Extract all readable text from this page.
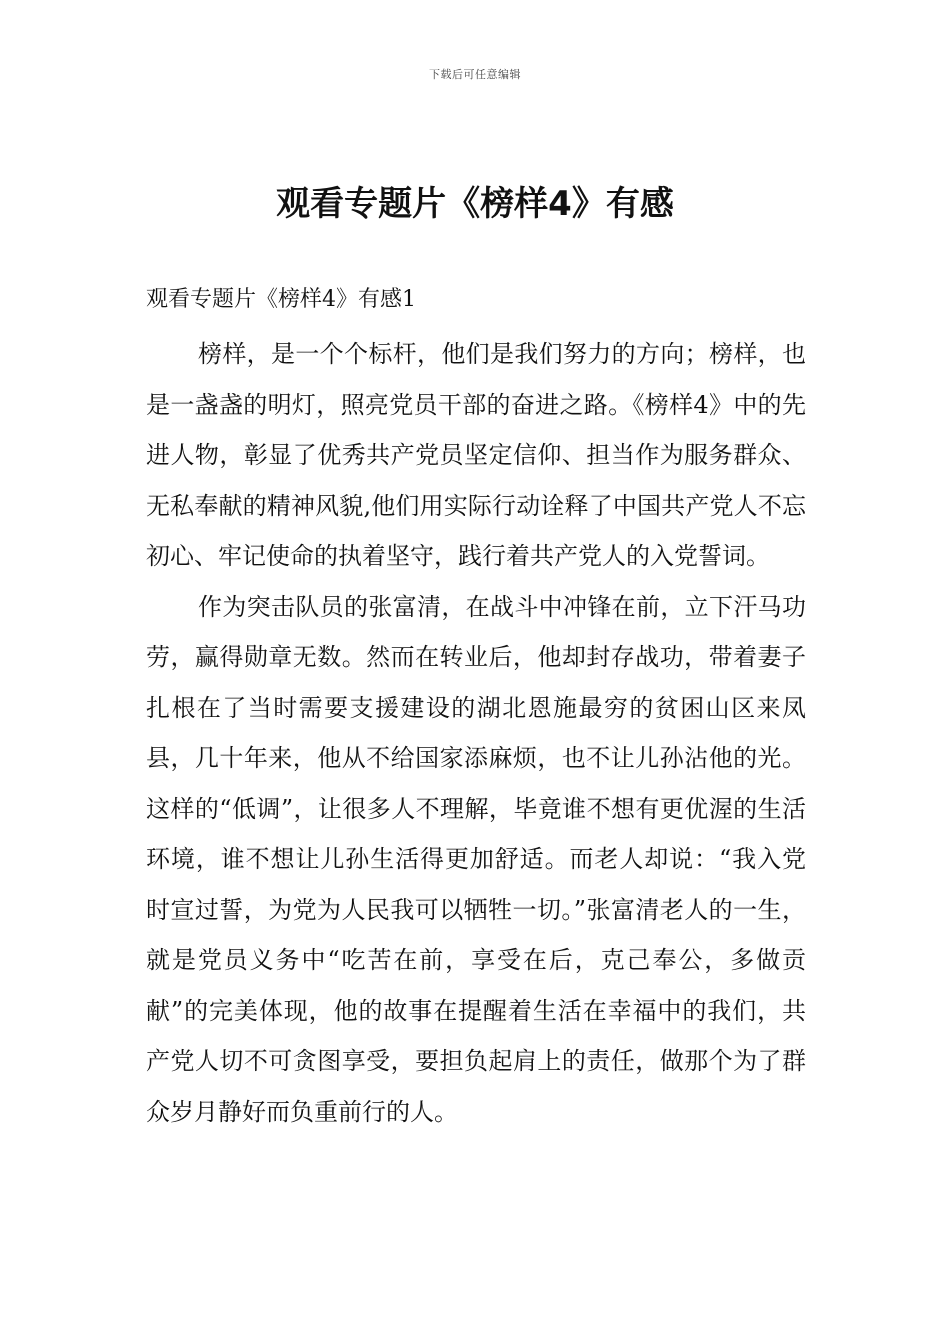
下载后可任意编辑
观看专题片《榜样4》有感
观看专题片《榜样4》有感1

榜样，是一个个标杆，他们是我们努力的方向；榜样，也是一盏盏的明灯，照亮党员干部的奋进之路。《榜样4》中的先进人物，彰显了优秀共产党员坚定信仰、担当作为服务群众、无私奉献的精神风貌,他们用实际行动诠释了中国共产党人不忘初心、牢记使命的执着坚守，践行着共产党人的入党誓词。

作为突击队员的张富清，在战斗中冲锋在前，立下汗马功劳，赢得勋章无数。然而在转业后，他却封存战功，带着妻子扎根在了当时需要支援建设的湖北恩施最穷的贫困山区来凤县，几十年来，他从不给国家添麻烦，也不让儿孙沾他的光。这样的“低调”，让很多人不理解，毕竟谁不想有更优渥的生活环境，谁不想让儿孙生活得更加舒适。而老人却说：“我入党时宣过誓，为党为人民我可以牺牲一切。”张富清老人的一生，就是党员义务中“吃苦在前，享受在后，克己奉公，多做贡献”的完美体现，他的故事在提醒着生活在幸福中的我们，共产党人切不可贪图享受，要担负起肩上的责任，做那个为了群众岁月静好而负重前行的人。
